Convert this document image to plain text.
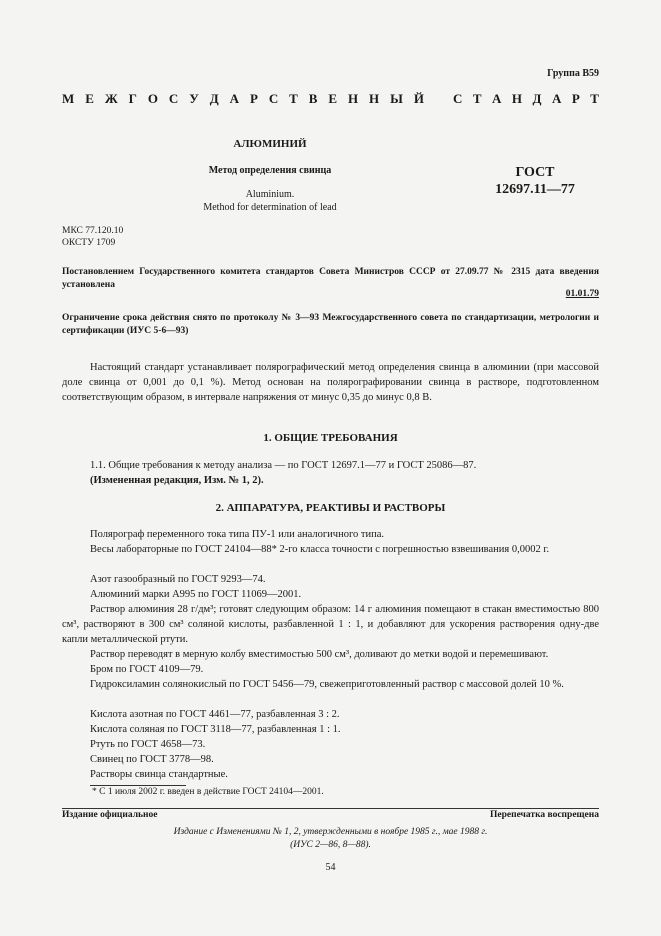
Группа В59
М Е Ж Г О С У Д А Р С Т В Е Н Н Ы Й С Т А Н Д А Р Т
АЛЮМИНИЙ
Метод определения свинца
Aluminium.
Method for determination of lead
ГОСТ
12697.11—77
МКС 77.120.10
ОКСТУ 1709
Постановлением Государственного комитета стандартов Совета Министров СССР от 27.09.77 № 2315 дата введения установлена
01.01.79
Ограничение срока действия снято по протоколу № 3—93 Межгосударственного совета по стандартизации, метрологии и сертификации (ИУС 5-6—93)
Настоящий стандарт устанавливает полярографический метод определения свинца в алюминии (при массовой доле свинца от 0,001 до 0,1 %). Метод основан на полярографировании свинца в растворе, подготовленном соответствующим образом, в интервале напряжения от минус 0,35 до минус 0,8 В.
1. ОБЩИЕ ТРЕБОВАНИЯ
1.1. Общие требования к методу анализа — по ГОСТ 12697.1—77 и ГОСТ 25086—87.
(Измененная редакция, Изм. № 1, 2).
2. АППАРАТУРА, РЕАКТИВЫ И РАСТВОРЫ
Полярограф переменного тока типа ПУ-1 или аналогичного типа.
Весы лабораторные по ГОСТ 24104—88* 2-го класса точности с погрешностью взвешивания 0,0002 г.
Азот газообразный по ГОСТ 9293—74.
Алюминий марки А995 по ГОСТ 11069—2001.
Раствор алюминия 28 г/дм³; готовят следующим образом: 14 г алюминия помещают в стакан вместимостью 800 см³, растворяют в 300 см³ соляной кислоты, разбавленной 1 : 1, и добавляют для ускорения растворения одну-две капли металлической ртути.
Раствор переводят в мерную колбу вместимостью 500 см³, доливают до метки водой и перемешивают.
Бром по ГОСТ 4109—79.
Гидроксиламин солянокислый по ГОСТ 5456—79, свежеприготовленный раствор с массовой долей 10 %.
Кислота азотная по ГОСТ 4461—77, разбавленная 3 : 2.
Кислота соляная по ГОСТ 3118—77, разбавленная 1 : 1.
Ртуть по ГОСТ 4658—73.
Свинец по ГОСТ 3778—98.
Растворы свинца стандартные.
* С 1 июля 2002 г. введен в действие ГОСТ 24104—2001.
Издание официальное	Перепечатка воспрещена
Издание с Изменениями № 1, 2, утвержденными в ноябре 1985 г., мае 1988 г.
(ИУС 2—86, 8—88).
54
